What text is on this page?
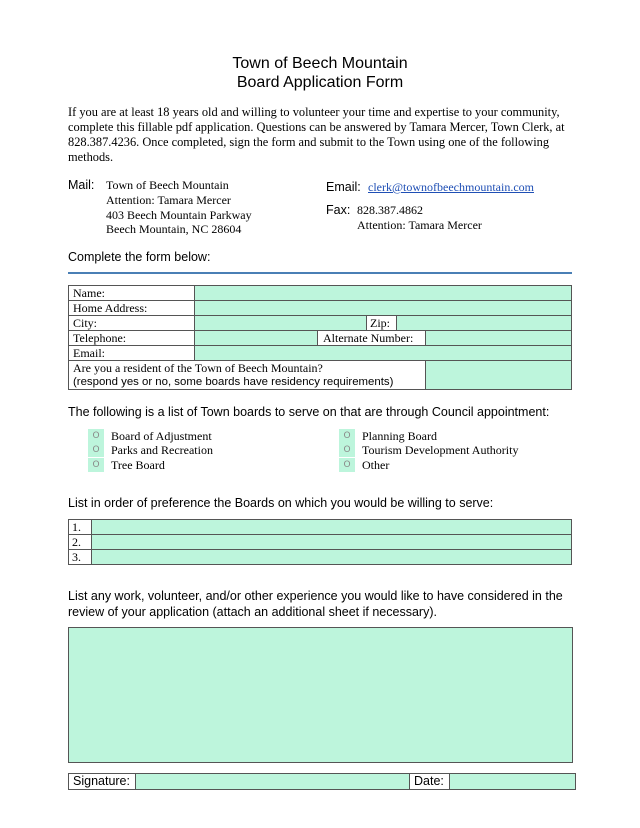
Town of Beech Mountain
Board Application Form
If you are at least 18 years old and willing to volunteer your time and expertise to your community, complete this fillable pdf application. Questions can be answered by Tamara Mercer, Town Clerk, at 828.387.4236. Once completed, sign the form and submit to the Town using one of the following methods.
Mail: Town of Beech Mountain
Attention: Tamara Mercer
403 Beech Mountain Parkway
Beech Mountain, NC 28604
Email: clerk@townofbeechmountain.com
Fax: 828.387.4862
Attention: Tamara Mercer
Complete the form below:
Name:
Home Address:
City:	Zip:
Telephone:	Alternate Number:
Email:
Are you a resident of the Town of Beech Mountain?
(respond yes or no, some boards have residency requirements)
The following is a list of Town boards to serve on that are through Council appointment:
O Board of Adjustment
O Parks and Recreation
O Tree Board
O Planning Board
O Tourism Development Authority
O Other
List in order of preference the Boards on which you would be willing to serve:
1.
2.
3.
List any work, volunteer, and/or other experience you would like to have considered in the
review of your application (attach an additional sheet if necessary).
Signature:	Date:
